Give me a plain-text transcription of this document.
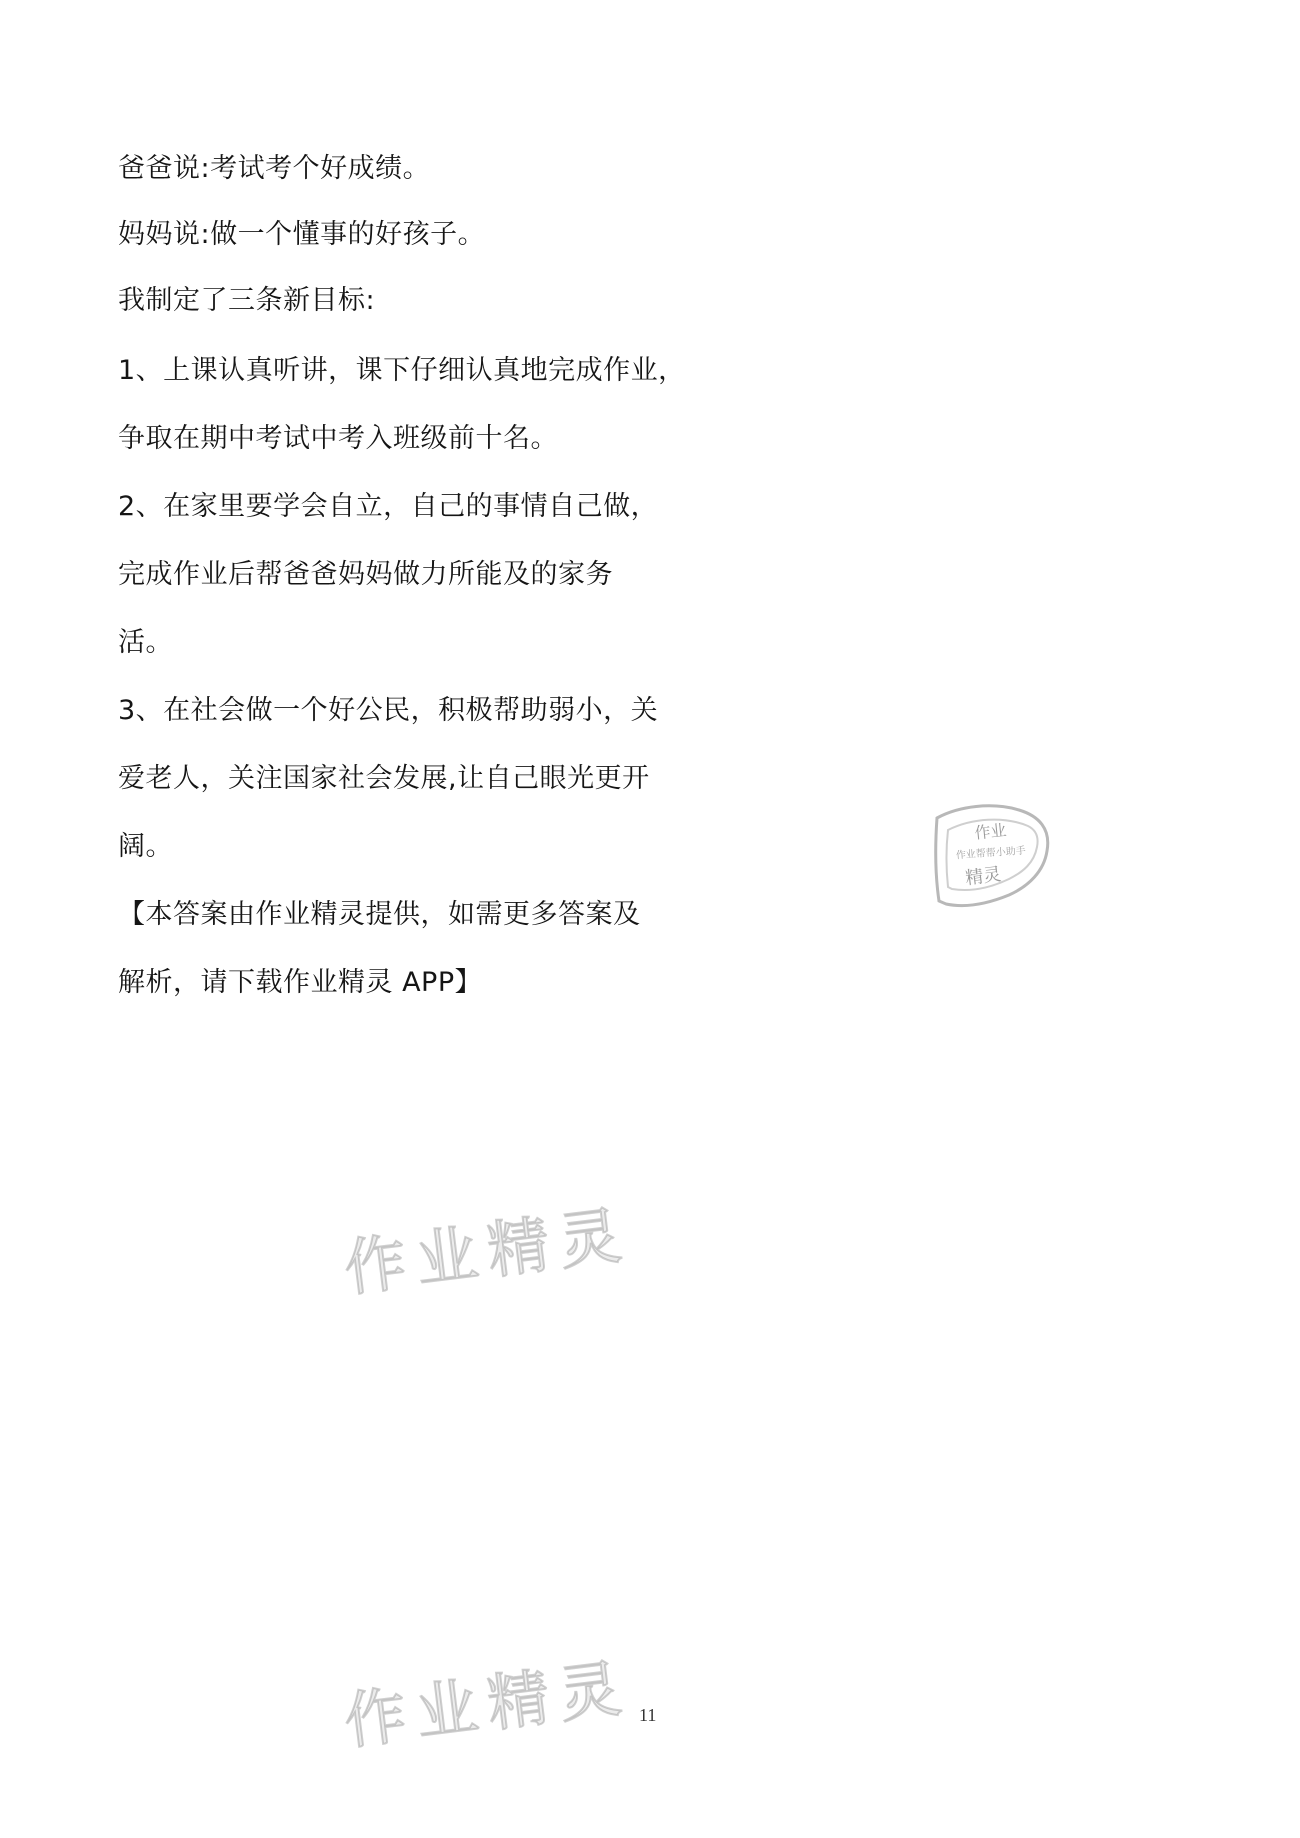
爸爸说:考试考个好成绩。
妈妈说:做一个懂事的好孩子。
我制定了三条新目标:
1、上课认真听讲，课下仔细认真地完成作业，
争取在期中考试中考入班级前十名。
2、在家里要学会自立，自己的事情自己做，
完成作业后帮爸爸妈妈做力所能及的家务
活。
3、在社会做一个好公民，积极帮助弱小，关
爱老人，关注国家社会发展,让自己眼光更开
阔。
【本答案由作业精灵提供，如需更多答案及
解析，请下载作业精灵 APP】
作业
作业帮帮小助手
精灵
作业精灵
作业精灵 11
